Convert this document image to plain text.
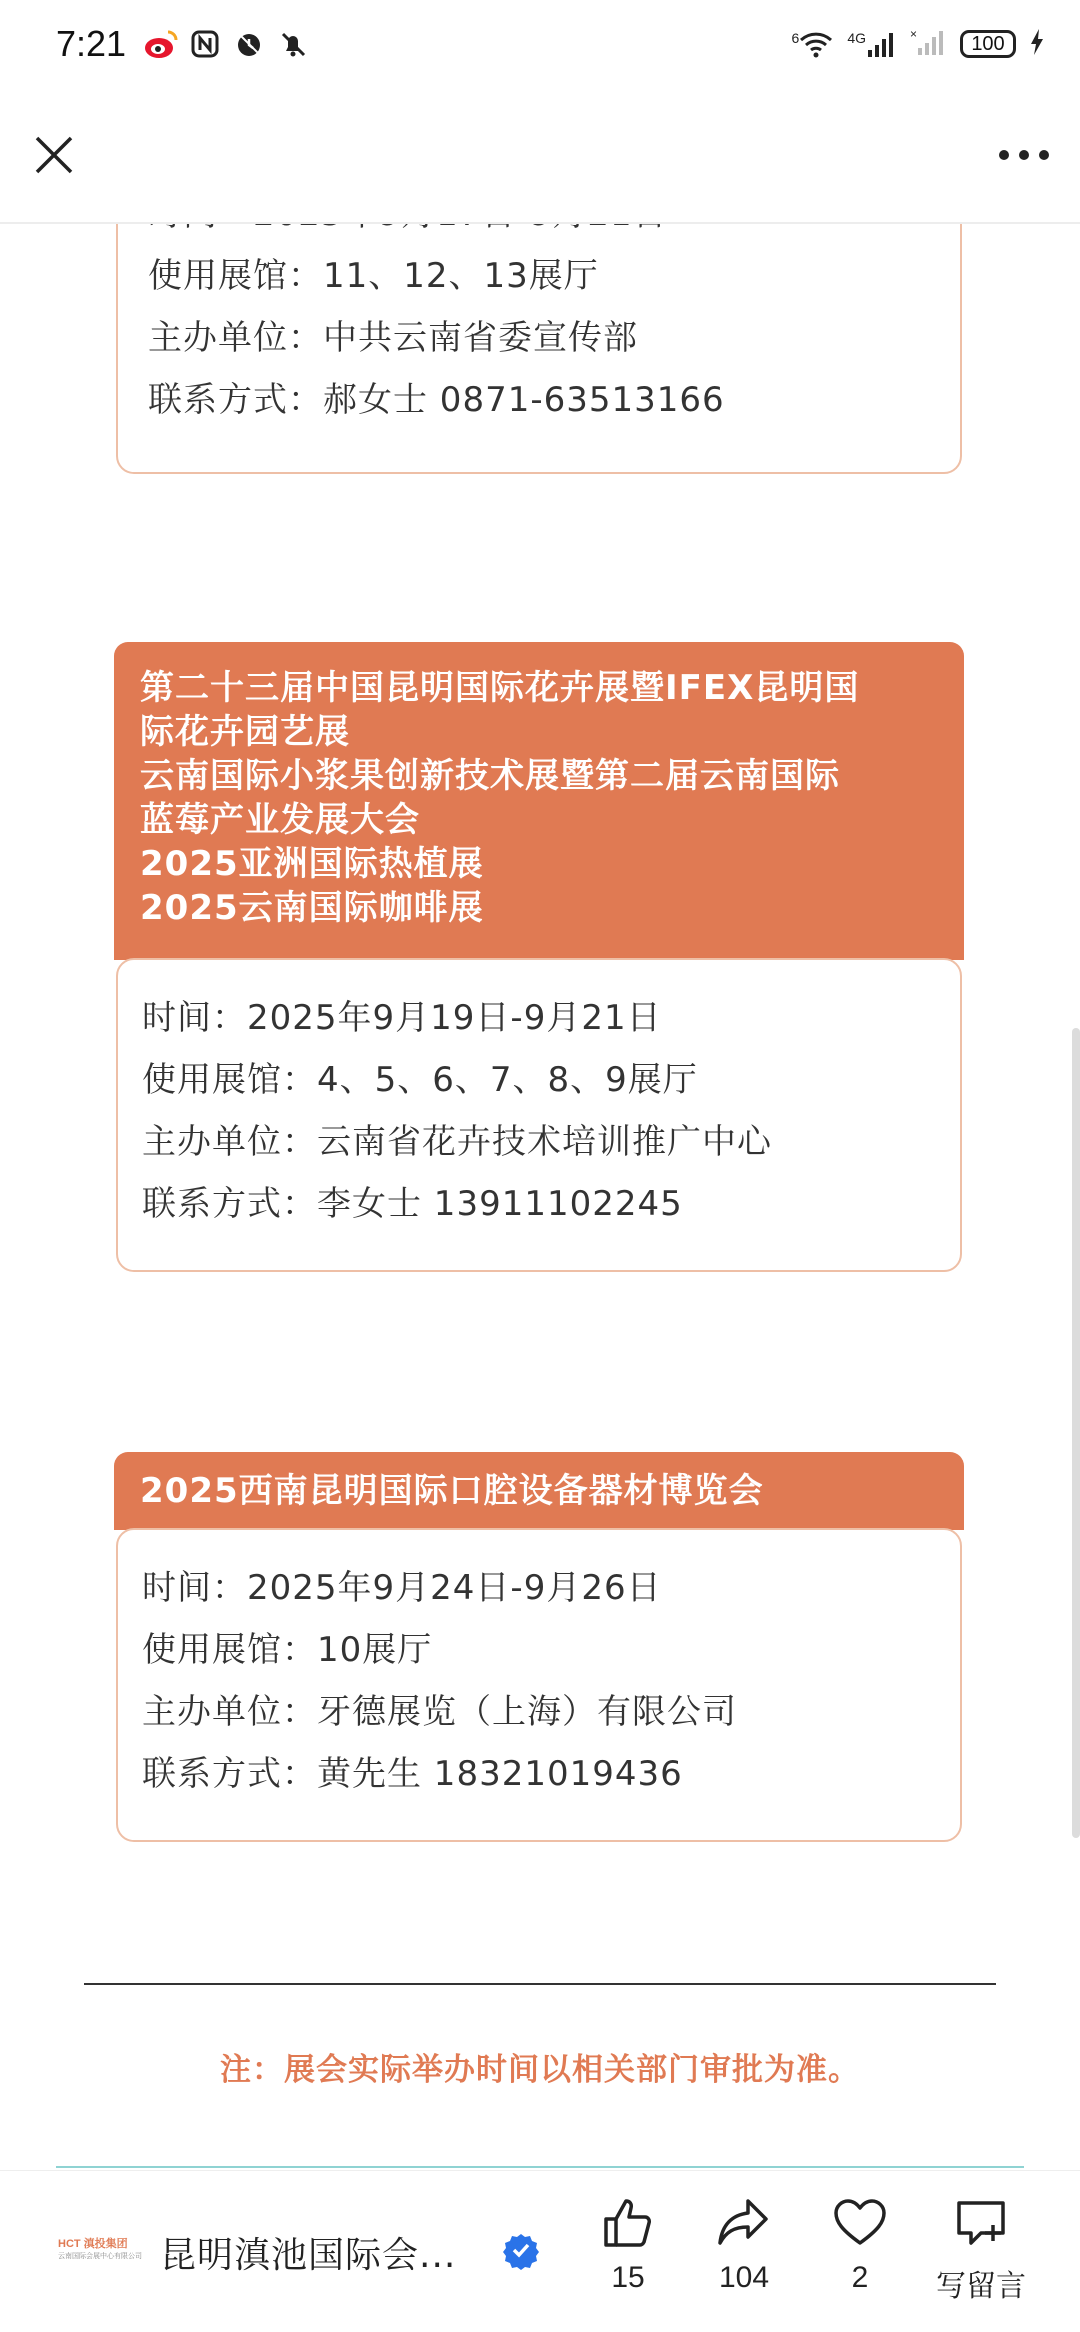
7:21	6	4G	×	100
使用展馆：11、12、13展厅
主办单位：中共云南省委宣传部
联系方式：郝女士 0871-63513166
第二十三届中国昆明国际花卉展暨IFEX昆明国
际花卉园艺展
云南国际小浆果创新技术展暨第二届云南国际
蓝莓产业发展大会
2025亚洲国际热植展
2025云南国际咖啡展
时间：2025年9月19日-9月21日
使用展馆：4、5、6、7、8、9展厅
主办单位：云南省花卉技术培训推广中心
联系方式：李女士 13911102245
2025西南昆明国际口腔设备器材博览会
时间：2025年9月24日-9月26日
使用展馆：10展厅
主办单位：牙德展览（上海）有限公司
联系方式：黄先生 18321019436
注：展会实际举办时间以相关部门审批为准。
HCT 滇投集团
云南国际会展中心有限公司 昆明滇池国际会...
15	104	2	写留言
